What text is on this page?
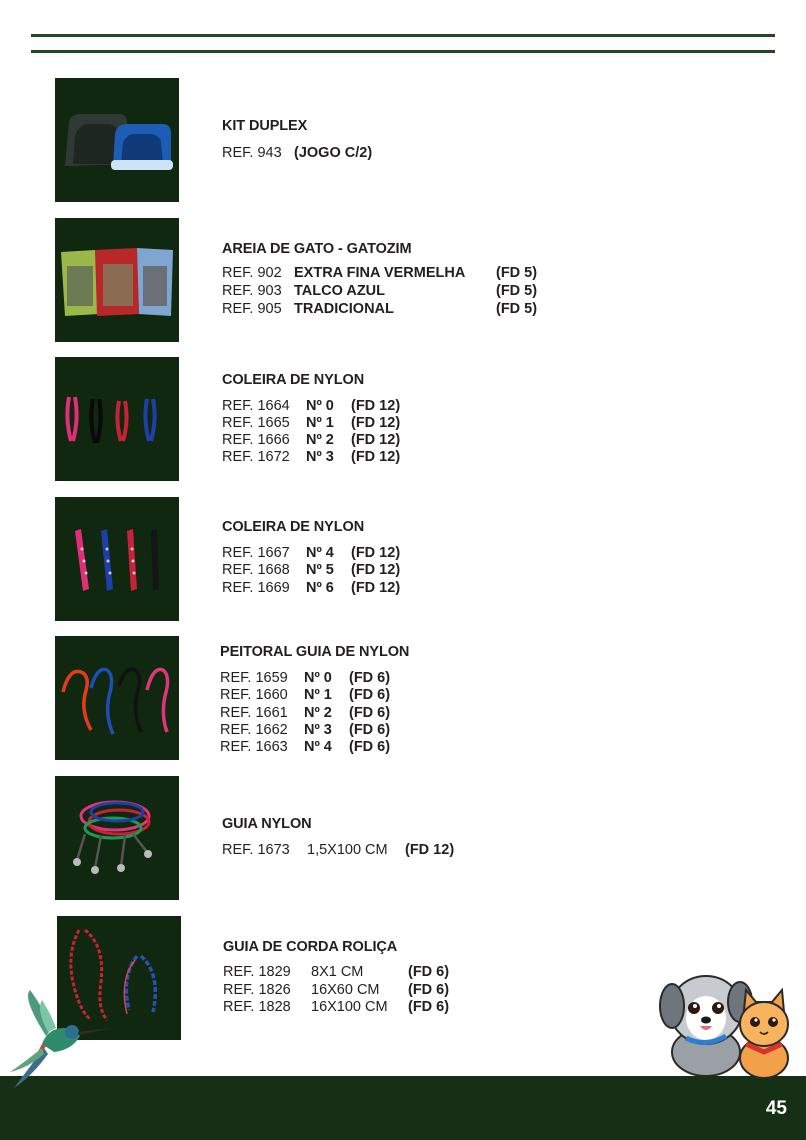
KIT DUPLEX
REF. 943 (JOGO C/2)
AREIA DE GATO - GATOZIM
REF. 902 EXTRA FINA VERMELHA (FD 5)
REF. 903 TALCO AZUL	(FD 5)
REF. 905 TRADICIONAL	(FD 5)
COLEIRA DE NYLON
REF. 1664 Nº 0 (FD 12)
REF. 1665 Nº 1 (FD 12)
REF. 1666 Nº 2 (FD 12)
REF. 1672 Nº 3 (FD 12)
COLEIRA DE NYLON
REF. 1667 Nº 4 (FD 12)
REF. 1668 Nº 5 (FD 12)
REF. 1669 Nº 6 (FD 12)
PEITORAL GUIA DE NYLON
REF. 1659 Nº 0 (FD 6)
REF. 1660 Nº 1 (FD 6)
REF. 1661 Nº 2 (FD 6)
REF. 1662 Nº 3 (FD 6)
REF. 1663 Nº 4 (FD 6)
GUIA NYLON
REF. 1673 1,5X100 CM (FD 12)
GUIA DE CORDA ROLIÇA
REF. 1829 8X1 CM	(FD 6)
REF. 1826 16X60 CM (FD 6)
REF. 1828 16X100 CM (FD 6)
45
